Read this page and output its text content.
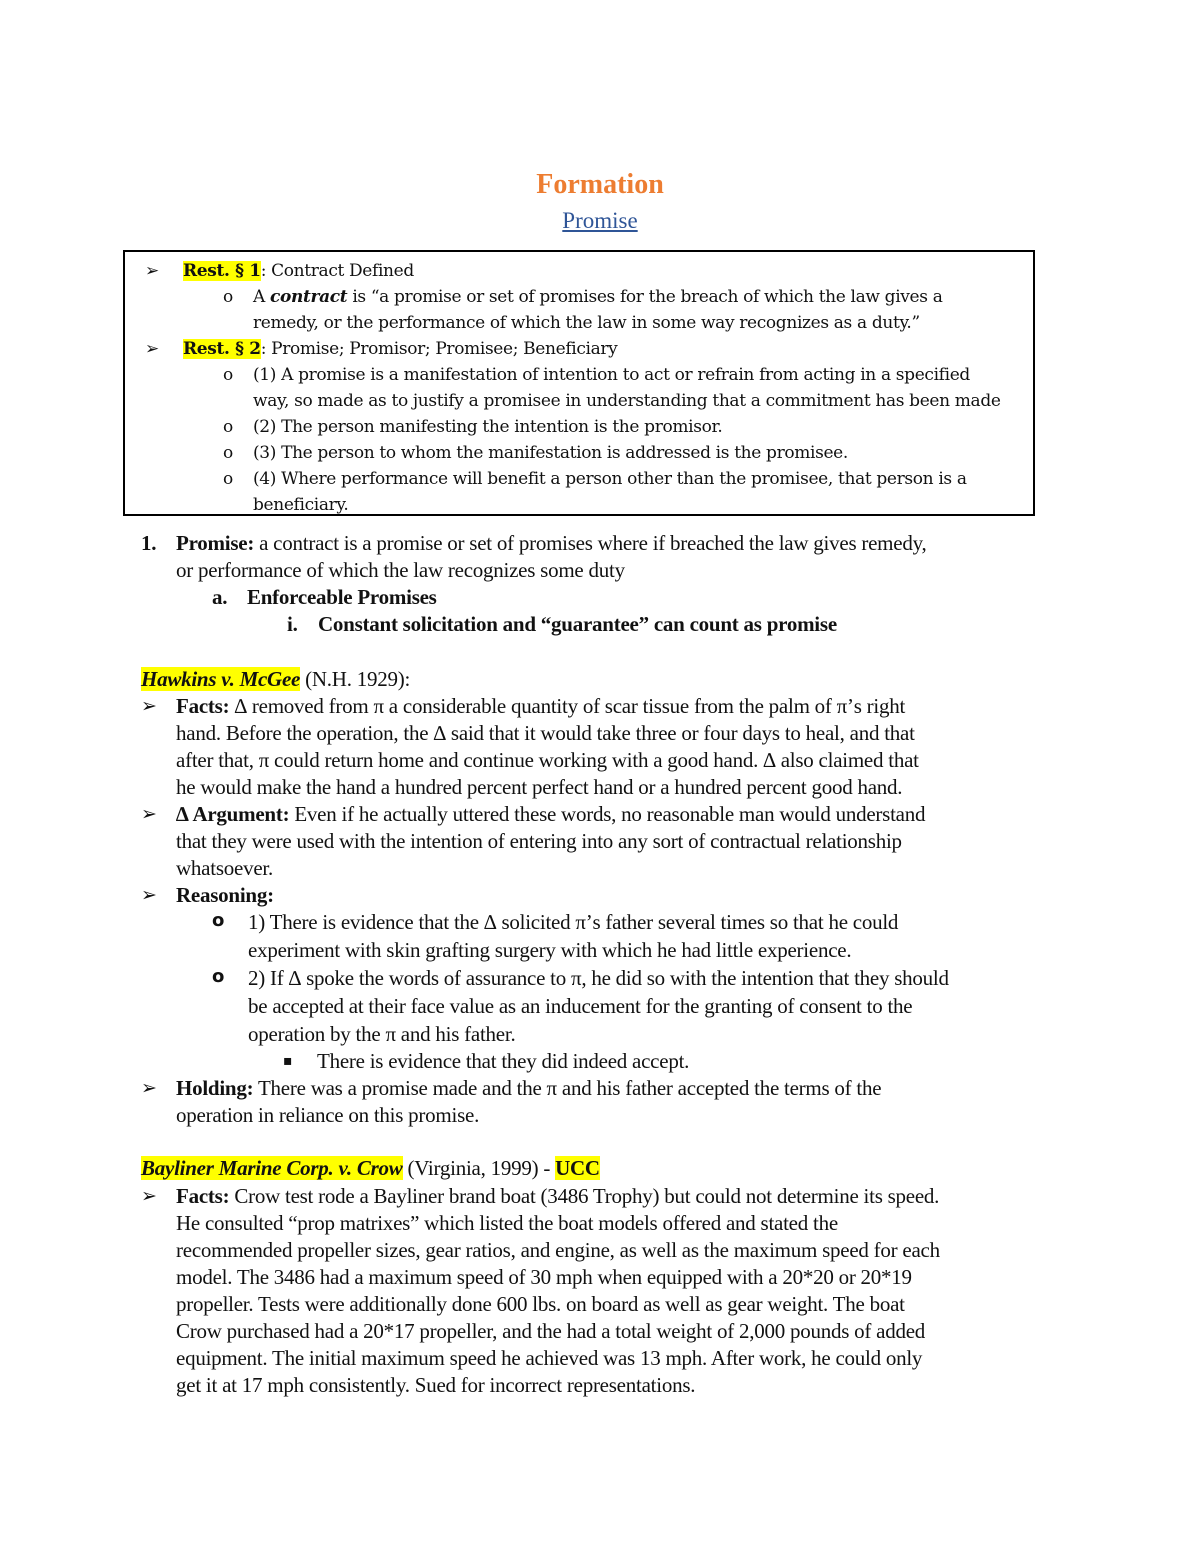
Formation
Promise
➢ Rest. § 1: Contract Defined
o A contract is “a promise or set of promises for the breach of which the law gives a
remedy, or the performance of which the law in some way recognizes as a duty.”
➢ Rest. § 2: Promise; Promisor; Promisee; Beneficiary
o (1) A promise is a manifestation of intention to act or refrain from acting in a specified
way, so made as to justify a promisee in understanding that a commitment has been made
o (2) The person manifesting the intention is the promisor.
o (3) The person to whom the manifestation is addressed is the promisee.
o (4) Where performance will benefit a person other than the promisee, that person is a
beneficiary.
1. Promise: a contract is a promise or set of promises where if breached the law gives remedy,
or performance of which the law recognizes some duty
a. Enforceable Promises
i. Constant solicitation and “guarantee” can count as promise
Hawkins v. McGee (N.H. 1929):
➢ Facts: ∆ removed from π a considerable quantity of scar tissue from the palm of π’s right
hand. Before the operation, the ∆ said that it would take three or four days to heal, and that
after that, π could return home and continue working with a good hand. ∆ also claimed that
he would make the hand a hundred percent perfect hand or a hundred percent good hand.
➢ ∆ Argument: Even if he actually uttered these words, no reasonable man would understand
that they were used with the intention of entering into any sort of contractual relationship
whatsoever.
➢ Reasoning:
o 1) There is evidence that the ∆ solicited π’s father several times so that he could
experiment with skin grafting surgery with which he had little experience.
o 2) If ∆ spoke the words of assurance to π, he did so with the intention that they should
be accepted at their face value as an inducement for the granting of consent to the
operation by the π and his father.
▪ There is evidence that they did indeed accept.
➢ Holding: There was a promise made and the π and his father accepted the terms of the
operation in reliance on this promise.
Bayliner Marine Corp. v. Crow (Virginia, 1999) - UCC
➢ Facts: Crow test rode a Bayliner brand boat (3486 Trophy) but could not determine its speed.
He consulted “prop matrixes” which listed the boat models offered and stated the
recommended propeller sizes, gear ratios, and engine, as well as the maximum speed for each
model. The 3486 had a maximum speed of 30 mph when equipped with a 20*20 or 20*19
propeller. Tests were additionally done 600 lbs. on board as well as gear weight. The boat
Crow purchased had a 20*17 propeller, and the had a total weight of 2,000 pounds of added
equipment. The initial maximum speed he achieved was 13 mph. After work, he could only
get it at 17 mph consistently. Sued for incorrect representations.
